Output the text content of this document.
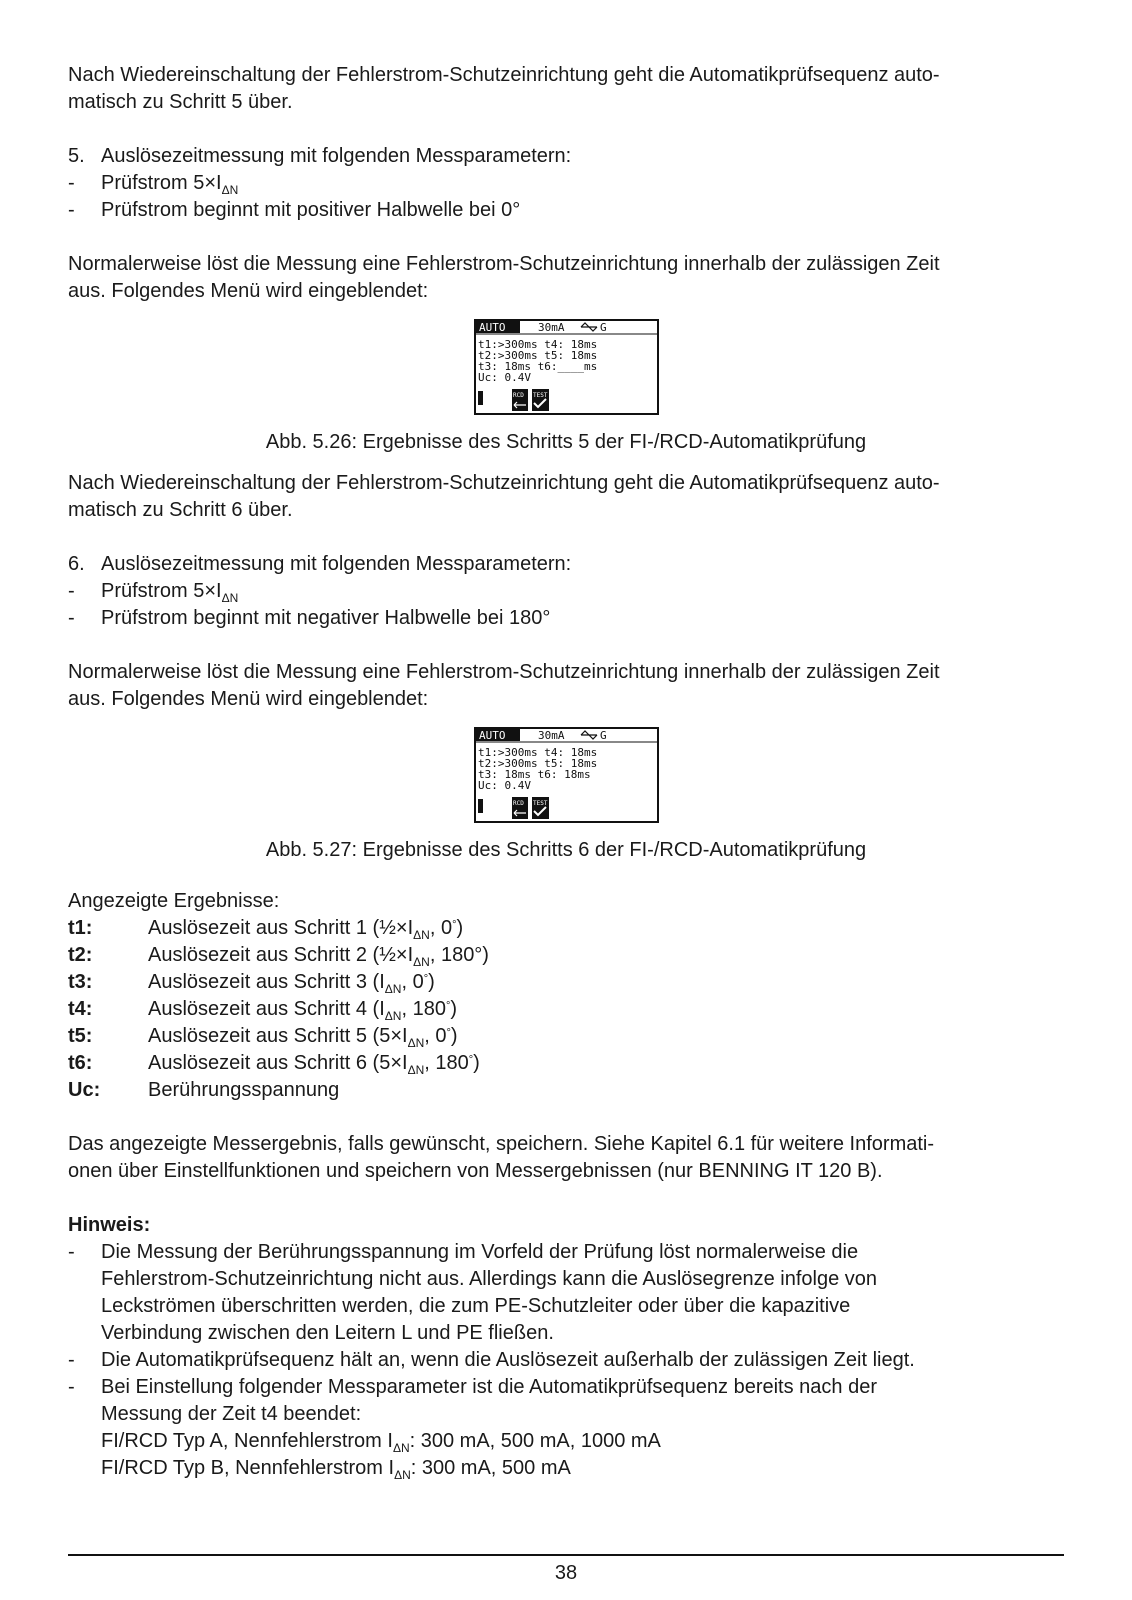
Nach Wiedereinschaltung der Fehlerstrom-Schutzeinrichtung geht die Automatikprüfsequenz auto-

matisch zu Schritt 5 über.

5. Auslösezeitmessung mit folgenden Messparametern:
- Prüfstrom $5\times I_{\Delta N}$
- Prüfstrom beginnt mit positiver Halbwelle bei 0°

Normalerweise löst die Messung eine Fehlerstrom-Schutzeinrichtung innerhalb der zulässigen Zeit

aus. Folgendes Menü wird eingeblendet:

AUTO	30mA	G
t1:>300ms t4: 18ms
t2:>300ms t5: 18ms
t3: 18ms t6:____ms
Uc: 0.4V
RCD TEST

Abb. 5.26: Ergebnisse des Schritts 5 der FI-/RCD-Automatikprüfung

Nach Wiedereinschaltung der Fehlerstrom-Schutzeinrichtung geht die Automatikprüfsequenz auto-

matisch zu Schritt 6 über.

6. Auslösezeitmessung mit folgenden Messparametern:
- Prüfstrom $5\times I_{\Delta N}$
- Prüfstrom beginnt mit negativer Halbwelle bei 180°

Normalerweise löst die Messung eine Fehlerstrom-Schutzeinrichtung innerhalb der zulässigen Zeit

aus. Folgendes Menü wird eingeblendet:

AUTO	30mA	G
t1:>300ms t4: 18ms
t2:>300ms t5: 18ms
t3: 18ms t6: 18ms
Uc: 0.4V
RCD TEST

Abb. 5.27: Ergebnisse des Schritts 6 der FI-/RCD-Automatikprüfung

Angezeigte Ergebnisse:

t1:	Auslösezeit aus Schritt 1 ($\frac{1}{2}\times I_{\Delta N}$, 0°)
t2:	Auslösezeit aus Schritt 2 ($\frac{1}{2}\times I_{\Delta N}$, 180°)
t3:	Auslösezeit aus Schritt 3 ($I_{\Delta N}$, 0°)
t4:	Auslösezeit aus Schritt 4 ($I_{\Delta N}$, 180°)
t5:	Auslösezeit aus Schritt 5 ($5\times I_{\Delta N}$, 0°)
t6:	Auslösezeit aus Schritt 6 ($5\times I_{\Delta N}$, 180°)
Uc:	Berührungsspannung

Das angezeigte Messergebnis, falls gewünscht, speichern. Siehe Kapitel 6.1 für weitere Informati-

onen über Einstellfunktionen und speichern von Messergebnissen (nur BENNING IT 120 B).

Hinweis:

- Die Messung der Berührungsspannung im Vorfeld der Prüfung löst normalerweise die
Fehlerstrom-Schutzeinrichtung nicht aus. Allerdings kann die Auslösegrenze infolge von
Leckströmen überschritten werden, die zum PE-Schutzleiter oder über die kapazitive
Verbindung zwischen den Leitern L und PE fließen.
- Die Automatikprüfsequenz hält an, wenn die Auslösezeit außerhalb der zulässigen Zeit liegt.
- Bei Einstellung folgender Messparameter ist die Automatikprüfsequenz bereits nach der
Messung der Zeit t4 beendet:
FI/RCD Typ A, Nennfehlerstrom $I_{\Delta N}$: 300 mA, 500 mA, 1000 mA
FI/RCD Typ B, Nennfehlerstrom $I_{\Delta N}$: 300 mA, 500 mA
38
